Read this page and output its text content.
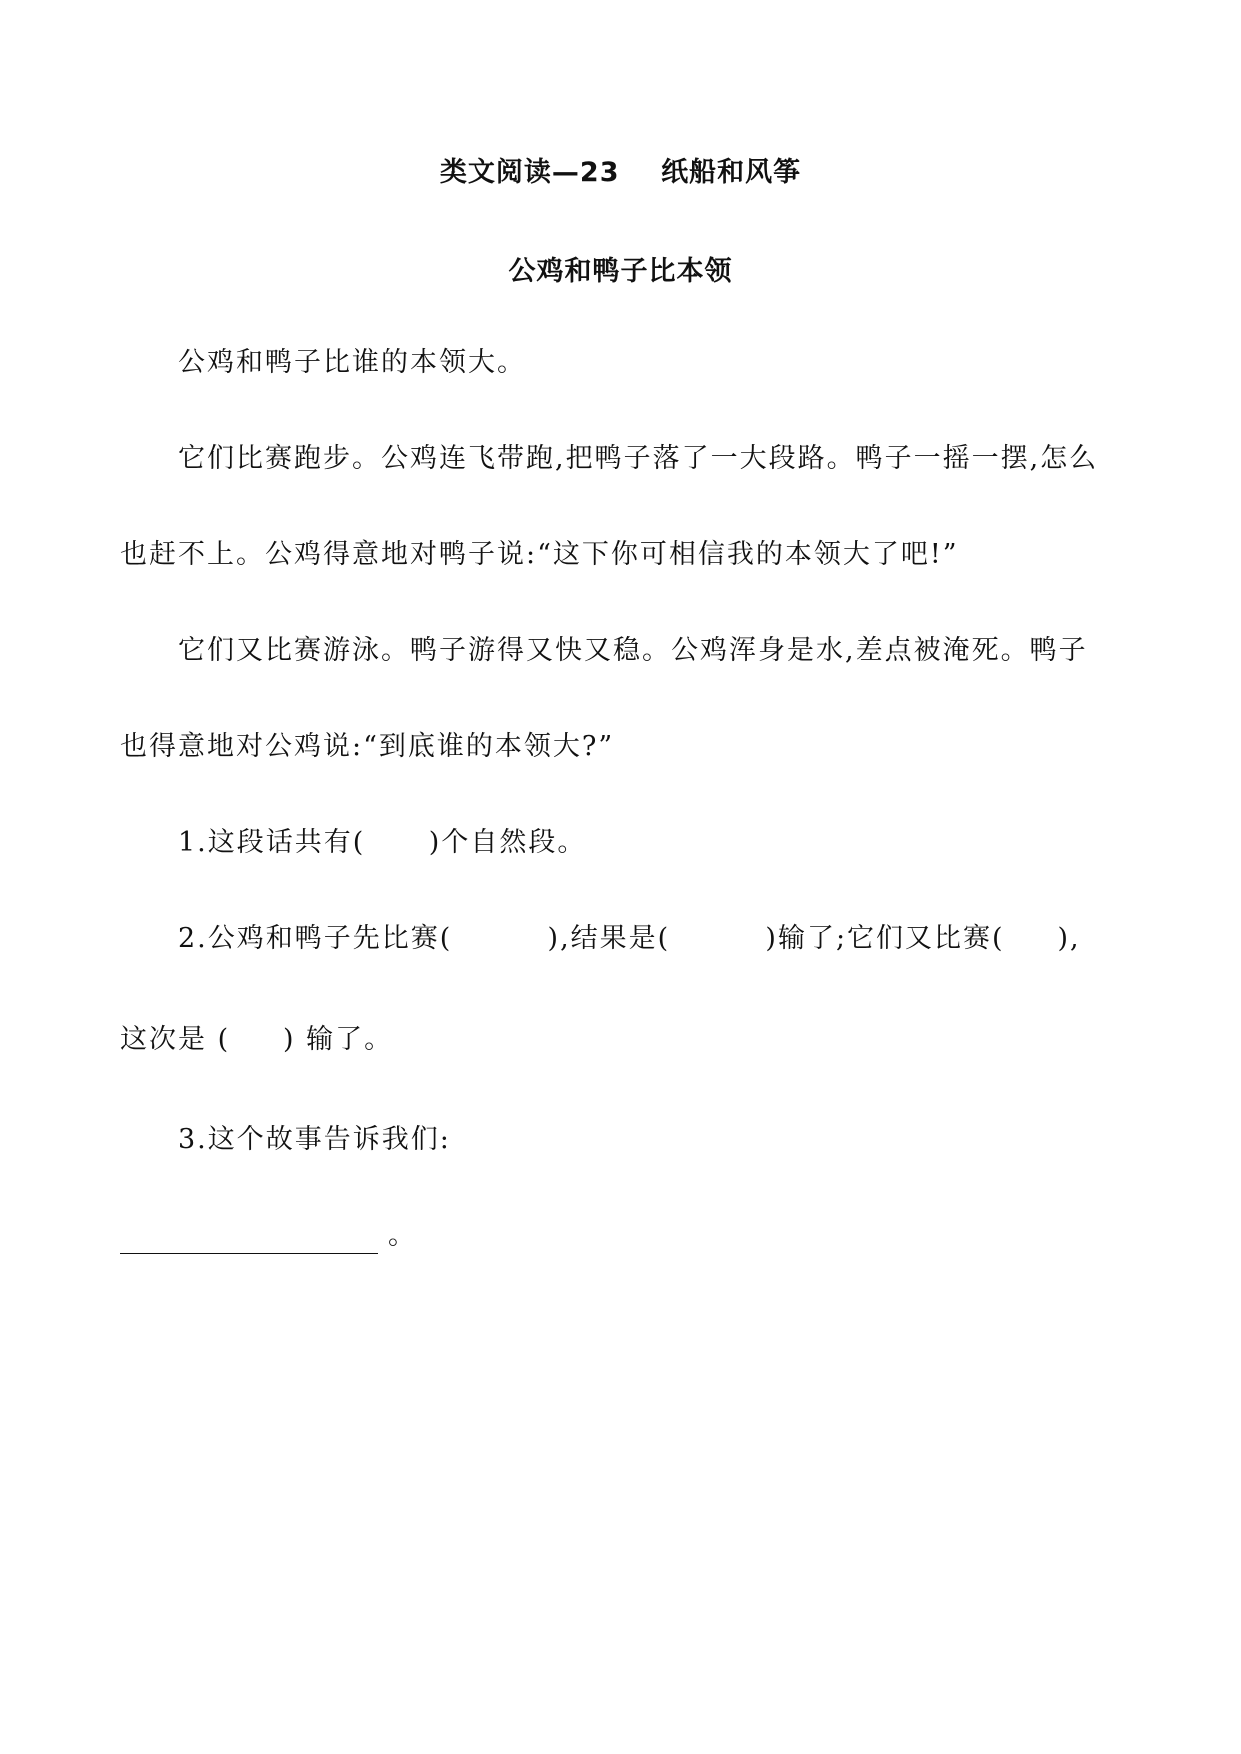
类文阅读—23    纸船和风筝
公鸡和鸭子比本领
公鸡和鸭子比谁的本领大。
它们比赛跑步。公鸡连飞带跑,把鸭子落了一大段路。鸭子一摇一摆,怎么
也赶不上。公鸡得意地对鸭子说:“这下你可相信我的本领大了吧!”
它们又比赛游泳。鸭子游得又快又稳。公鸡浑身是水,差点被淹死。鸭子
也得意地对公鸡说:“到底谁的本领大?”
1.这段话共有(      )个自然段。
2.公鸡和鸭子先比赛(         ),结果是(         )输了;它们又比赛(     ),
这次是 (     ) 输了。
3.这个故事告诉我们:
。
